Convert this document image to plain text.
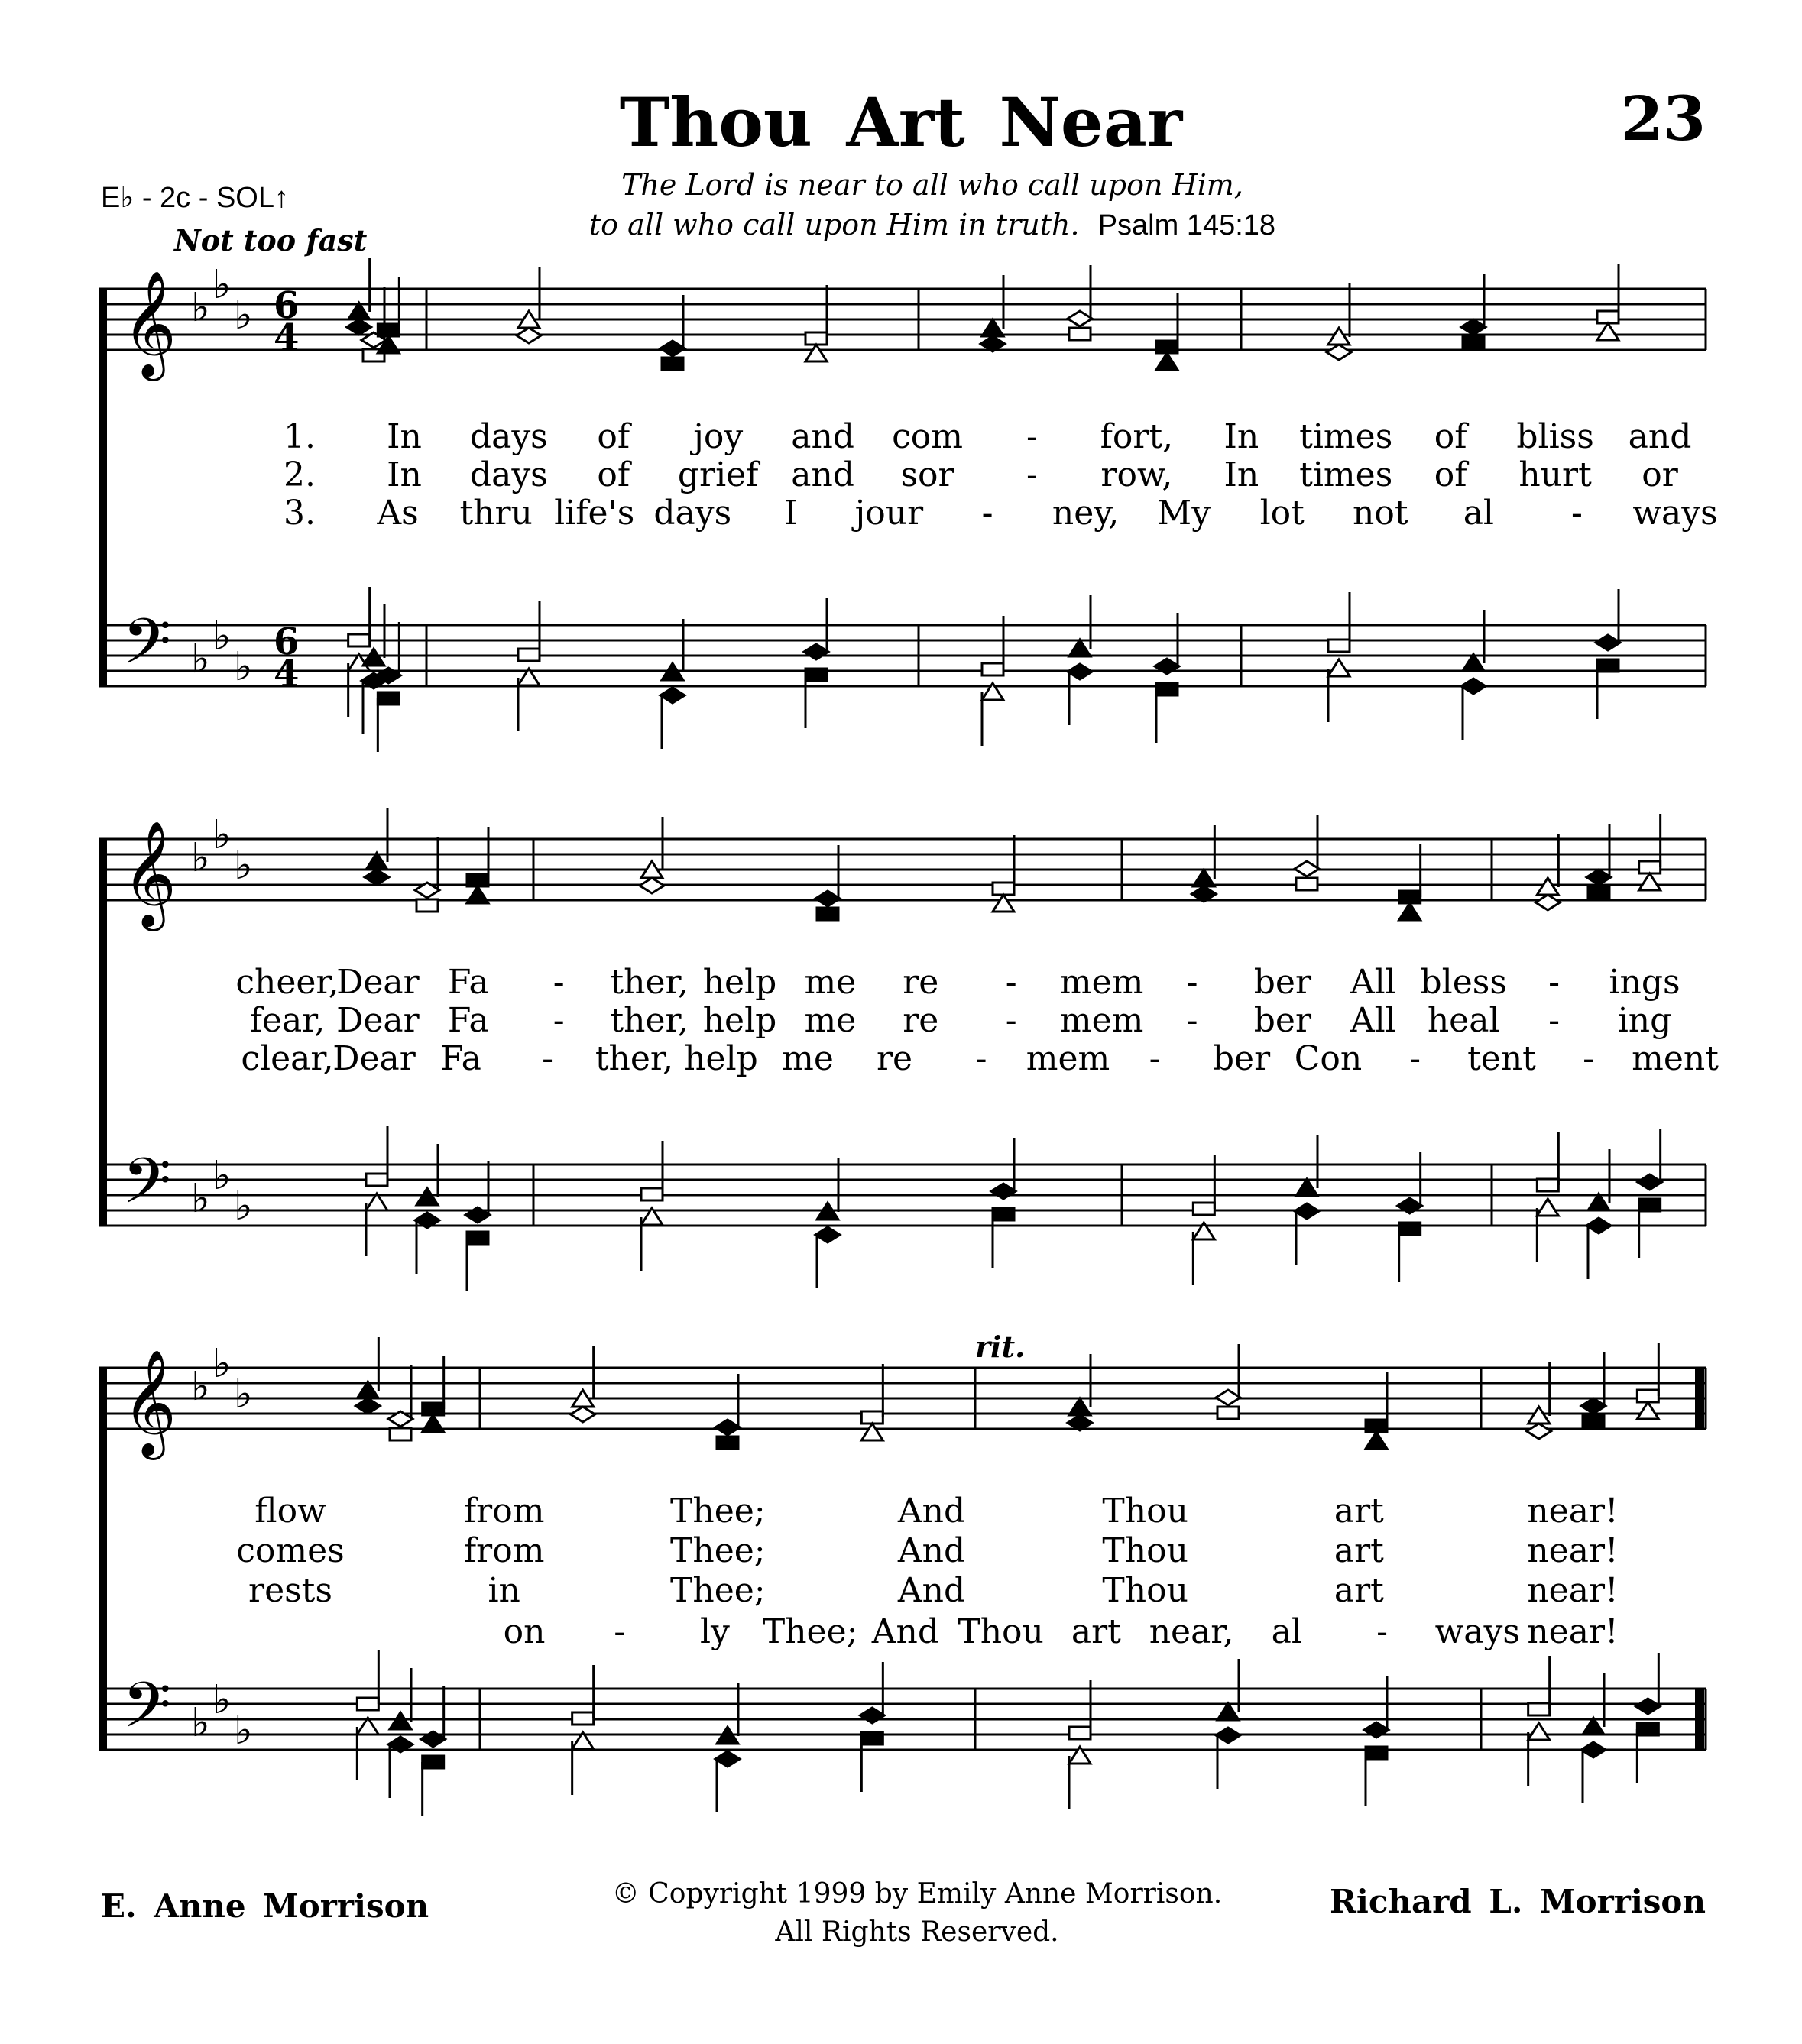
Thou Art Near	23
E♭ - 2c - SOL↑	The Lord is near to all who call upon Him,
to all who call upon Him in truth. Psalm 145:18
Not too fast
rit.
𝄞
𝄢
♭ ♭
♭
♭ ♭
♭
6
4
6
4
𝄞
𝄢
♭ ♭
♭
♭ ♭
♭
𝄞
𝄢
♭ ♭
♭
♭ ♭
♭
1. In days of joy and com - fort, In times of bliss and
2. In days of grief and sor - row, In times of hurt or
3. As thru life's days I jour - ney, My lot not al - ways
cheer,
Dear Fa - ther, help me re - mem - ber All bless - ings
fear, Dear Fa - ther, help me re - mem - ber All heal - ing
clear,
Dear Fa - ther, help me re - mem - ber Con - tent - ment
flow	from	Thee;	And	Thou	art	near!
comes	from	Thee;	And	Thou	art	near!
rests	in	Thee;	And	Thou	art	near!
on - ly Thee; And Thou art near, al - ways near!
E. Anne Morrison	© Copyright 1999 by Emily Anne Morrison.
All Rights Reserved.
Richard L. Morrison
